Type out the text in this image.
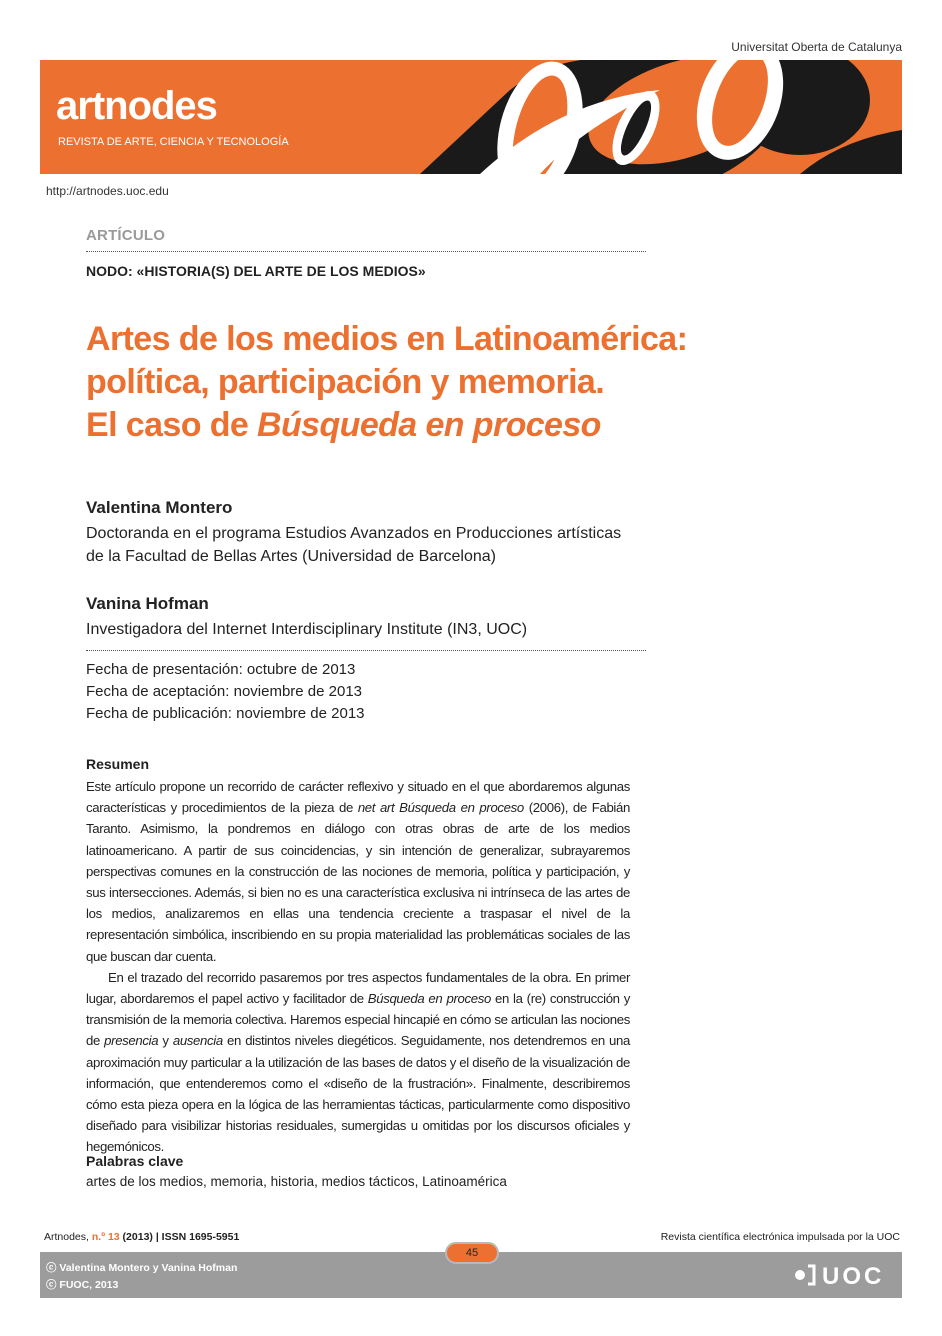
Universitat Oberta de Catalunya
artnodes
REVISTA DE ARTE, CIENCIA Y TECNOLOGÍA
http://artnodes.uoc.edu
ARTÍCULO
NODO: «HISTORIA(S) DEL ARTE DE LOS MEDIOS»
Artes de los medios en Latinoamérica:
política, participación y memoria.
El caso de Búsqueda en proceso
Valentina Montero
Doctoranda en el programa Estudios Avanzados en Producciones artísticas
de la Facultad de Bellas Artes (Universidad de Barcelona)
Vanina Hofman
Investigadora del Internet Interdisciplinary Institute (IN3, UOC)
Fecha de presentación: octubre de 2013
Fecha de aceptación: noviembre de 2013
Fecha de publicación: noviembre de 2013
Resumen

Este artículo propone un recorrido de carácter reflexivo y situado en el que abordaremos algunas características y procedimientos de la pieza de net art Búsqueda en proceso (2006), de Fabián Taranto. Asimismo, la pondremos en diálogo con otras obras de arte de los medios latinoamericano. A partir de sus coincidencias, y sin intención de generalizar, subrayaremos perspectivas comunes en la construcción de las nociones de memoria, política y participación, y sus intersecciones. Además, si bien no es una característica exclusiva ni intrínseca de las artes de los medios, analizaremos en ellas una tendencia creciente a traspasar el nivel de la representación simbólica, inscribiendo en su propia materialidad las problemáticas sociales de las que buscan dar cuenta.

En el trazado del recorrido pasaremos por tres aspectos fundamentales de la obra. En primer lugar, abordaremos el papel activo y facilitador de Búsqueda en proceso en la (re) construcción y transmisión de la memoria colectiva. Haremos especial hincapié en cómo se articulan las nociones de presencia y ausencia en distintos niveles diegéticos. Seguidamente, nos detendremos en una aproximación muy particular a la utilización de las bases de datos y el diseño de la visualización de información, que entenderemos como el «diseño de la frustración». Finalmente, describiremos cómo esta pieza opera en la lógica de las herramientas tácticas, particularmente como dispositivo diseñado para visibilizar historias residuales, sumergidas u omitidas por los discursos oficiales y hegemónicos.

Palabras clave
artes de los medios, memoria, historia, medios tácticos, Latinoamérica
Artnodes, n.º 13 (2013) | ISSN 1695-5951	Revista científica electrónica impulsada por la UOC
45
ⓒ Valentina Montero y Vanina Hofman
ⓒ FUOC, 2013	UOC
